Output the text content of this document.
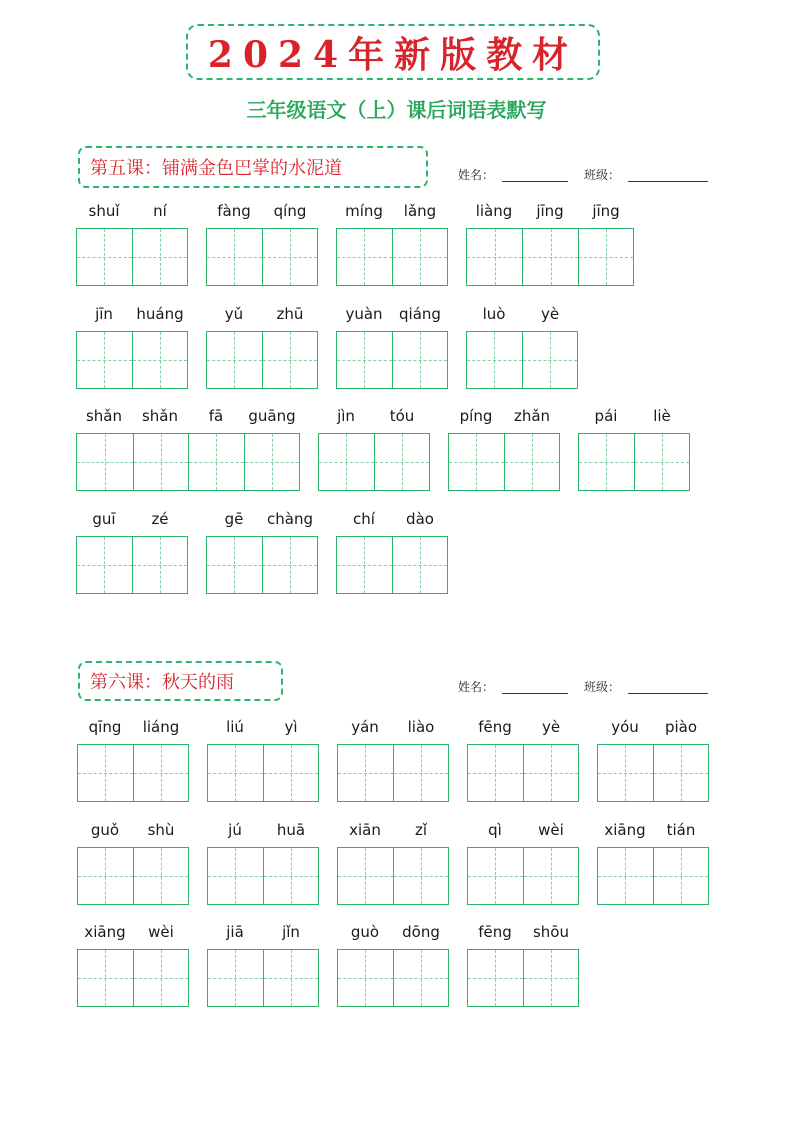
2024年新版教材
三年级语文（上）课后词语表默写
第五课：铺满金色巴掌的水泥道	姓名：	班级：
第六课：秋天的雨	姓名：	班级：
shuǐ	ní	fàng	qíng	míng	lǎng	liàng	jīng	jīng
jīn	huáng	yǔ	zhū	yuàn	qiáng	luò	yè
shǎn	shǎn	fā	guāng	jìn	tóu	píng	zhǎn	pái	liè
guī	zé	gē	chàng	chí	dào
qīng	liáng	liú	yì	yán	liào	fēng	yè	yóu	piào
guǒ	shù	jú	huā	xiān	zǐ	qì	wèi	xiāng	tián
xiāng	wèi	jiā	jǐn	guò	dōng	fēng	shōu
